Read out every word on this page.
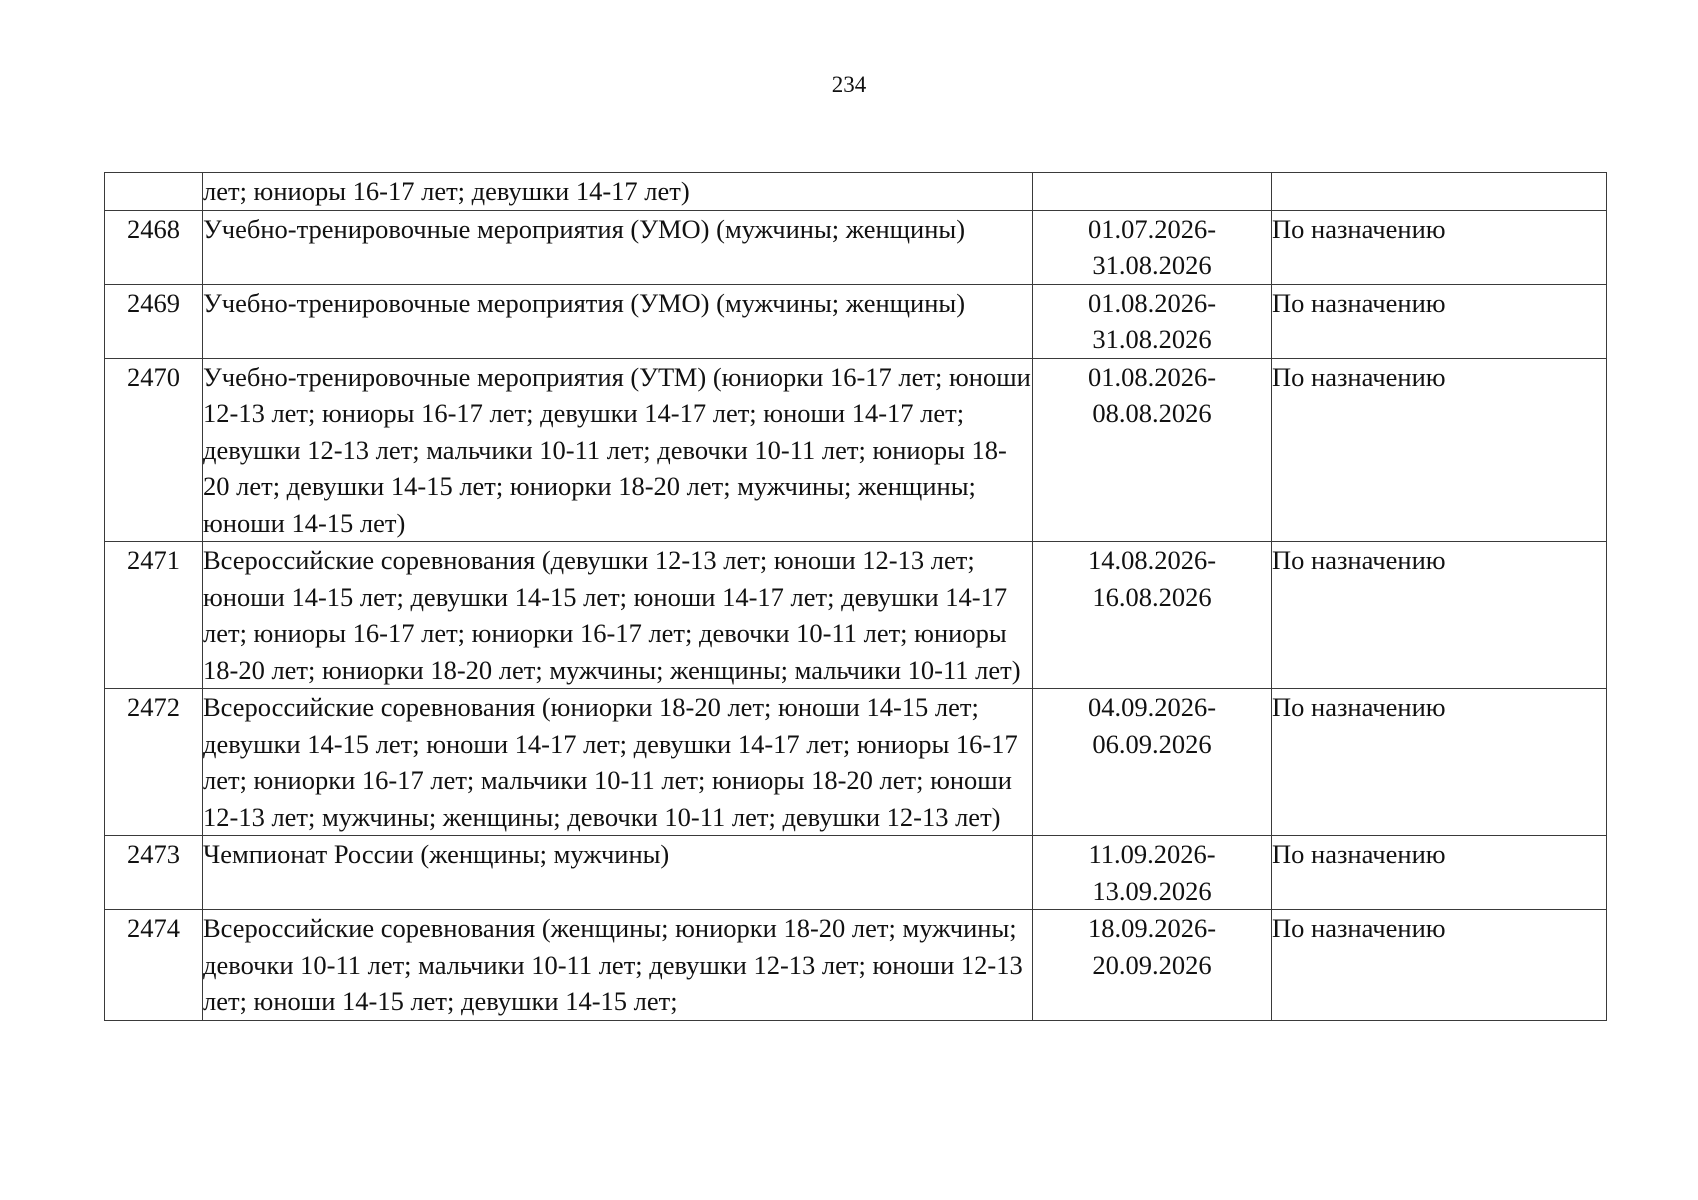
234
	лет; юниоры 16-17 лет; девушки 14-17 лет)		
2468	Учебно-тренировочные мероприятия (УМО) (мужчины; женщины)	01.07.2026-
31.08.2026	По назначению
2469	Учебно-тренировочные мероприятия (УМО) (мужчины; женщины)	01.08.2026-
31.08.2026	По назначению
2470	Учебно-тренировочные мероприятия (УТМ) (юниорки 16-17 лет; юноши 12-13 лет; юниоры 16-17 лет; девушки 14-17 лет; юноши 14-17 лет; девушки 12-13 лет; мальчики 10-11 лет; девочки 10-11 лет; юниоры 18-20 лет; девушки 14-15 лет; юниорки 18-20 лет; мужчины; женщины; юноши 14-15 лет)	01.08.2026-
08.08.2026	По назначению
2471	Всероссийские соревнования (девушки 12-13 лет; юноши 12-13 лет; юноши 14-15 лет; девушки 14-15 лет; юноши 14-17 лет; девушки 14-17 лет; юниоры 16-17 лет; юниорки 16-17 лет; девочки 10-11 лет; юниоры 18-20 лет; юниорки 18-20 лет; мужчины; женщины; мальчики 10-11 лет)	14.08.2026-
16.08.2026	По назначению
2472	Всероссийские соревнования (юниорки 18-20 лет; юноши 14-15 лет; девушки 14-15 лет; юноши 14-17 лет; девушки 14-17 лет; юниоры 16-17 лет; юниорки 16-17 лет; мальчики 10-11 лет; юниоры 18-20 лет; юноши 12-13 лет; мужчины; женщины; девочки 10-11 лет; девушки 12-13 лет)	04.09.2026-
06.09.2026	По назначению
2473	Чемпионат России (женщины; мужчины)	11.09.2026-
13.09.2026	По назначению
2474	Всероссийские соревнования (женщины; юниорки 18-20 лет; мужчины; девочки 10-11 лет; мальчики 10-11 лет; девушки 12-13 лет; юноши 12-13 лет; юноши 14-15 лет; девушки 14-15 лет;	18.09.2026-
20.09.2026	По назначению
